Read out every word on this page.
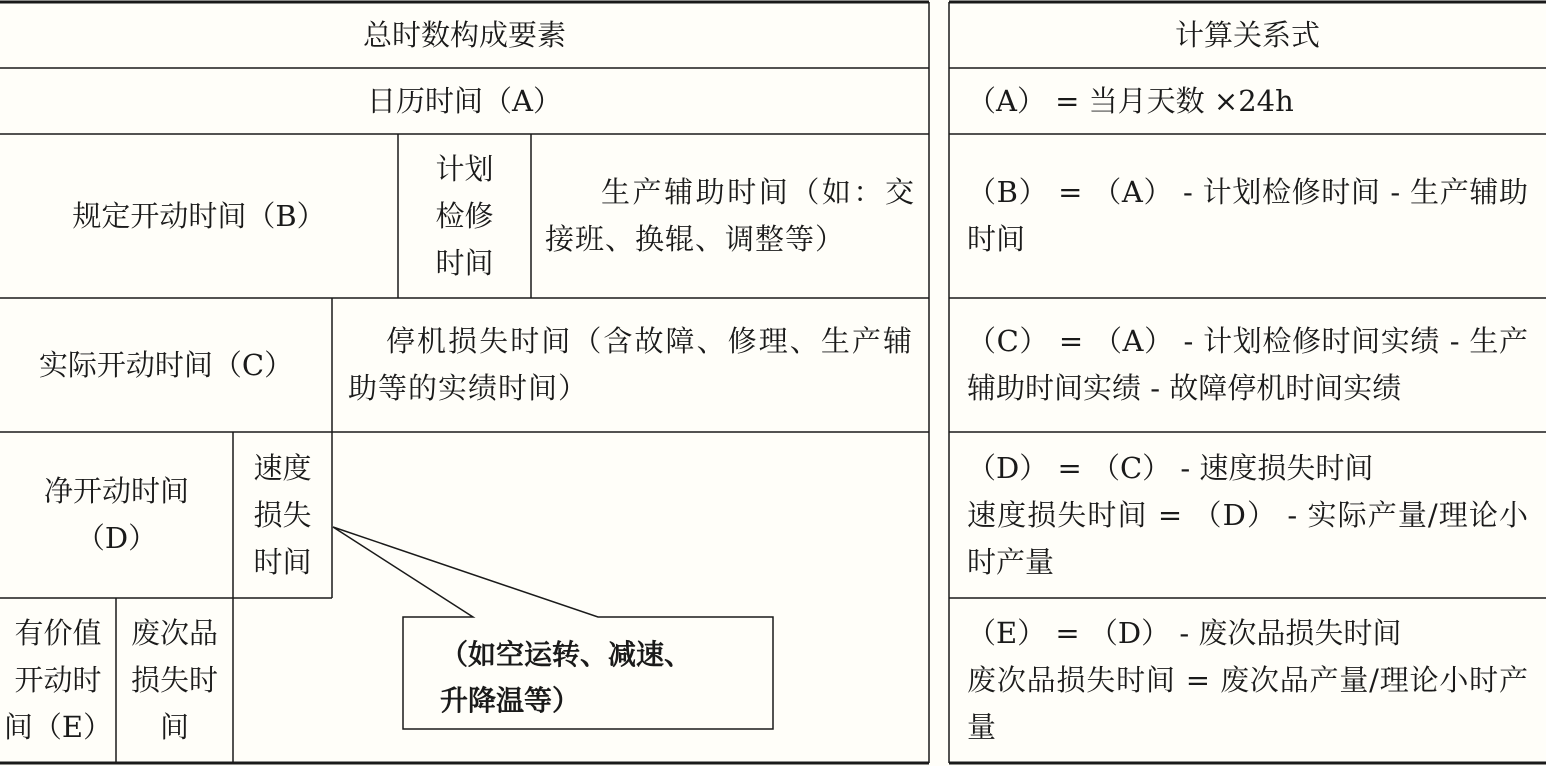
总时数构成要素
日历时间（A）
规定开动时间（B）
计划
检修
时间
生产辅助时间（如：交接班、换辊、调整等）
实际开动时间（C）
停机损失时间（含故障、修理、生产辅助等的实绩时间）
净开动时间
（D）
速度
损失
时间
有价值
开动时
间（E）
废次品
损失时
间
（如空运转、减速、
升降温等）
计算关系式
（A） = 当月天数 ×24h
（B） = （A） - 计划检修时间 - 生产辅助时间
（C） = （A） - 计划检修时间实绩 - 生产辅助时间实绩 - 故障停机时间实绩
（D） = （C） - 速度损失时间
速度损失时间 = （D） - 实际产量/理论小时产量
（E） = （D） - 废次品损失时间
废次品损失时间 = 废次品产量/理论小时产量
